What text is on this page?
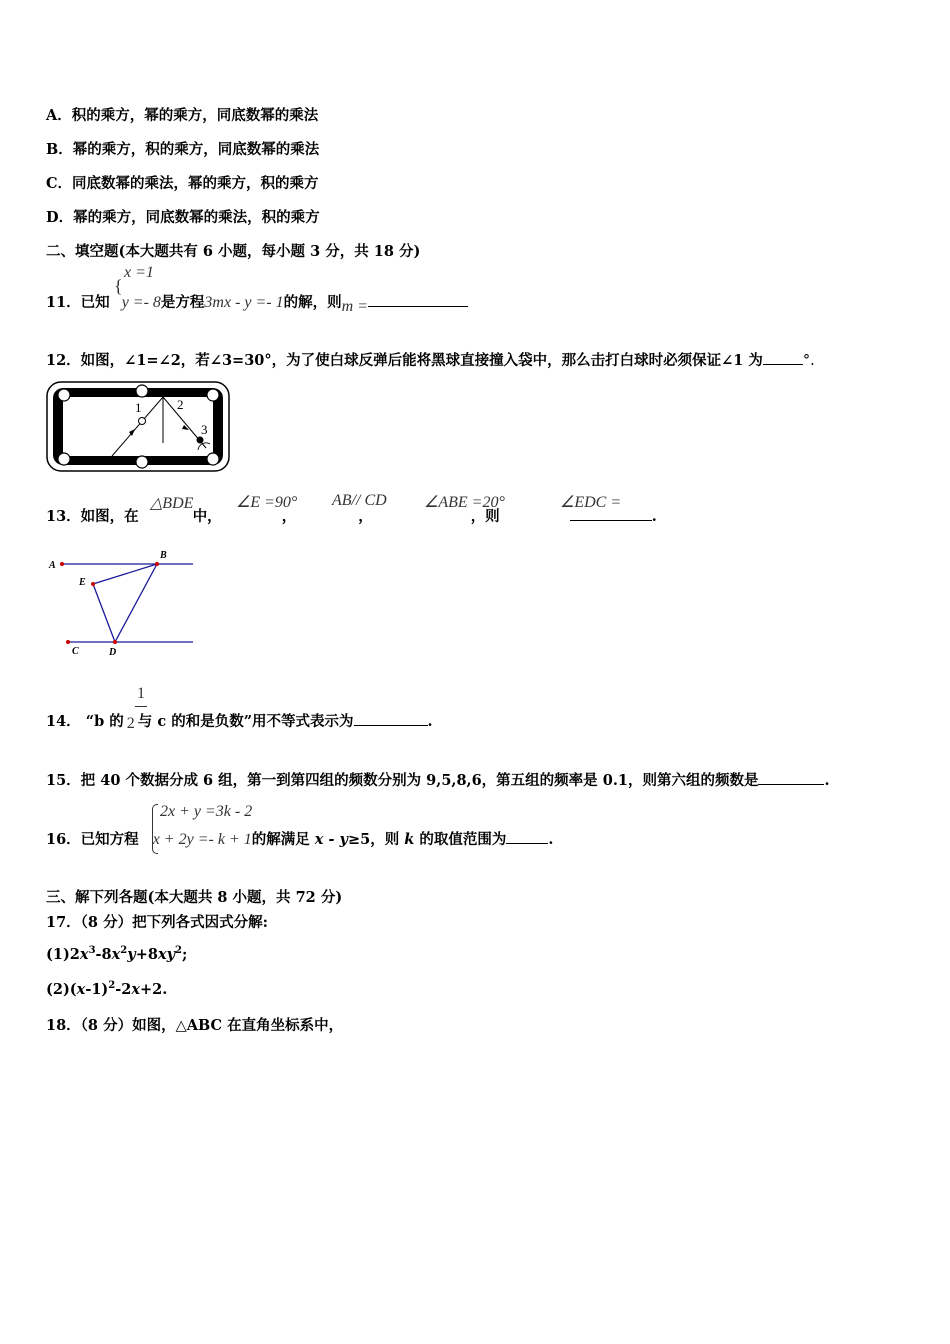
A．积的乘方，幂的乘方，同底数幂的乘法
B．幂的乘方，积的乘方，同底数幂的乘法
C．同底数幂的乘法，幂的乘方，积的乘方
D．幂的乘方，同底数幂的乘法，积的乘方
二、填空题(本大题共有 6 小题，每小题 3 分，共 18 分)
x =1
{
11．已知 y =- 8是方程3mx - y =- 1的解，则m =
12．如图，∠1=∠2，若∠3=30°，为了使白球反弹后能将黑球直接撞入袋中，那么击打白球时必须保证∠1 为	°.
1	2
3
△BDE	∠E =90° AB// CD ∠ABE =20°	∠EDC =
13．如图，在	中，	，	，	，则	.
A
B
E
C	D
1
14． “b 的 2 与 c 的和是负数”用不等式表示为	.
15．把 40 个数据分成 6 组，第一到第四组的频数分别为 9,5,8,6，第五组的频率是 0.1，则第六组的频数是	.
2x + y =3k - 2
16．已知方程 x + 2y =- k + 1的解满足 x - y≥5，则 k 的取值范围为	.
三、解下列各题(本大题共 8 小题，共 72 分)
17．（8 分）把下列各式因式分解:
$(1)2x^3-8x^2y+8xy^2$;
$(2)(x-1)^2-2x+2$.
18．（8 分）如图，△ABC 在直角坐标系中，
